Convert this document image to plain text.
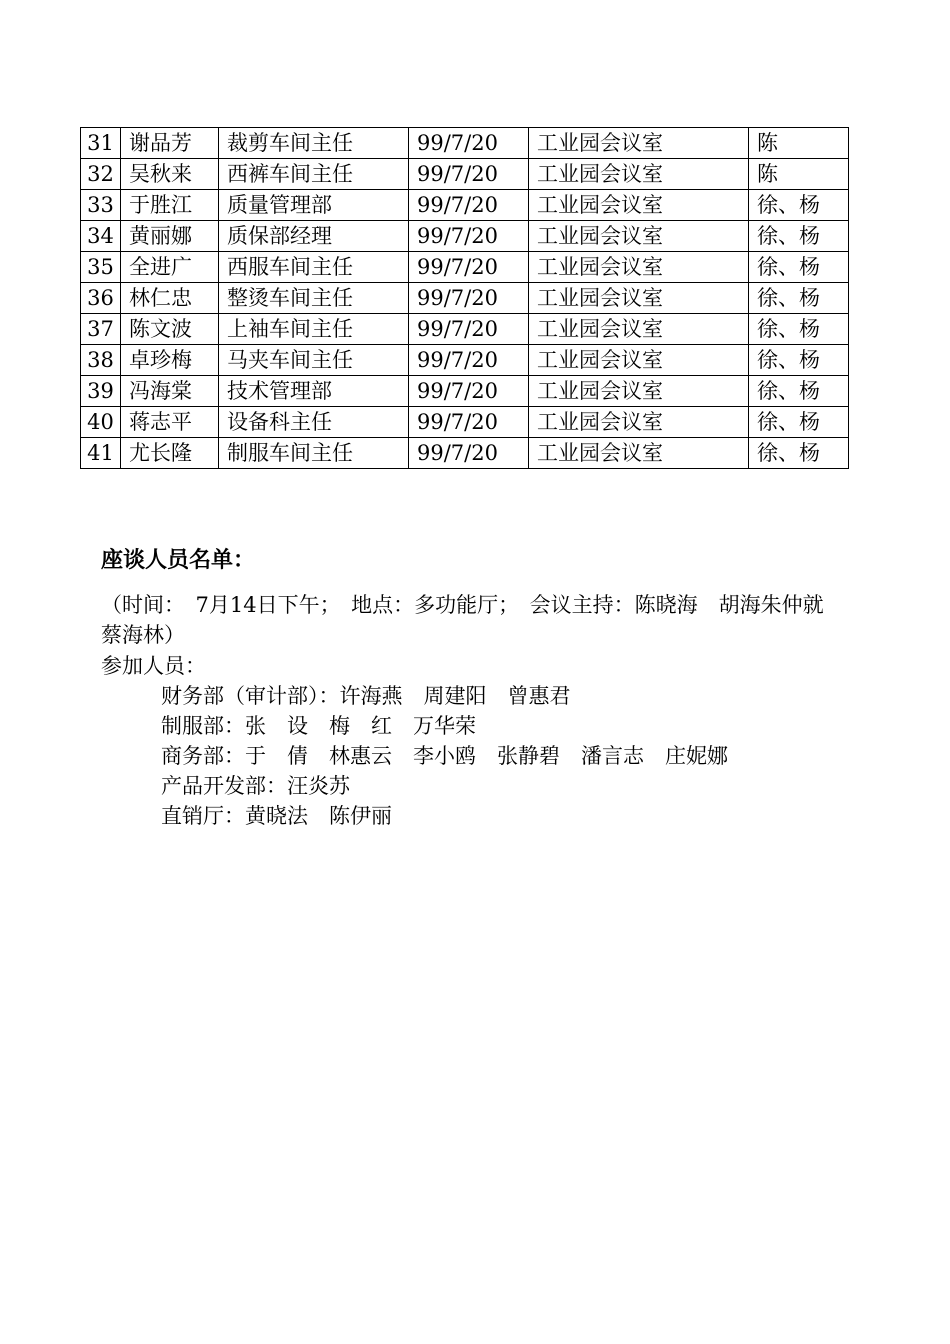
31	谢品芳	裁剪车间主任	99/7/20	工业园会议室	陈
32	吴秋来	西裤车间主任	99/7/20	工业园会议室	陈
33	于胜江	质量管理部	99/7/20	工业园会议室	徐、杨
34	黄丽娜	质保部经理	99/7/20	工业园会议室	徐、杨
35	全进广	西服车间主任	99/7/20	工业园会议室	徐、杨
36	林仁忠	整烫车间主任	99/7/20	工业园会议室	徐、杨
37	陈文波	上袖车间主任	99/7/20	工业园会议室	徐、杨
38	卓珍梅	马夹车间主任	99/7/20	工业园会议室	徐、杨
39	冯海棠	技术管理部	99/7/20	工业园会议室	徐、杨
40	蒋志平	设备科主任	99/7/20	工业园会议室	徐、杨
41	尤长隆	制服车间主任	99/7/20	工业园会议室	徐、杨
座谈人员名单：
（时间：　7月14日下午；　地点：多功能厅；　会议主持：陈晓海　胡海朱仲就　蔡海林）
参加人员：
财务部（审计部）：许海燕　周建阳　曾惠君
制服部：张　设　梅　红　万华荣
商务部：于　倩　林惠云　李小鸥　张静碧　潘言志　庄妮娜
产品开发部：汪炎苏
直销厅：黄晓法　陈伊丽
